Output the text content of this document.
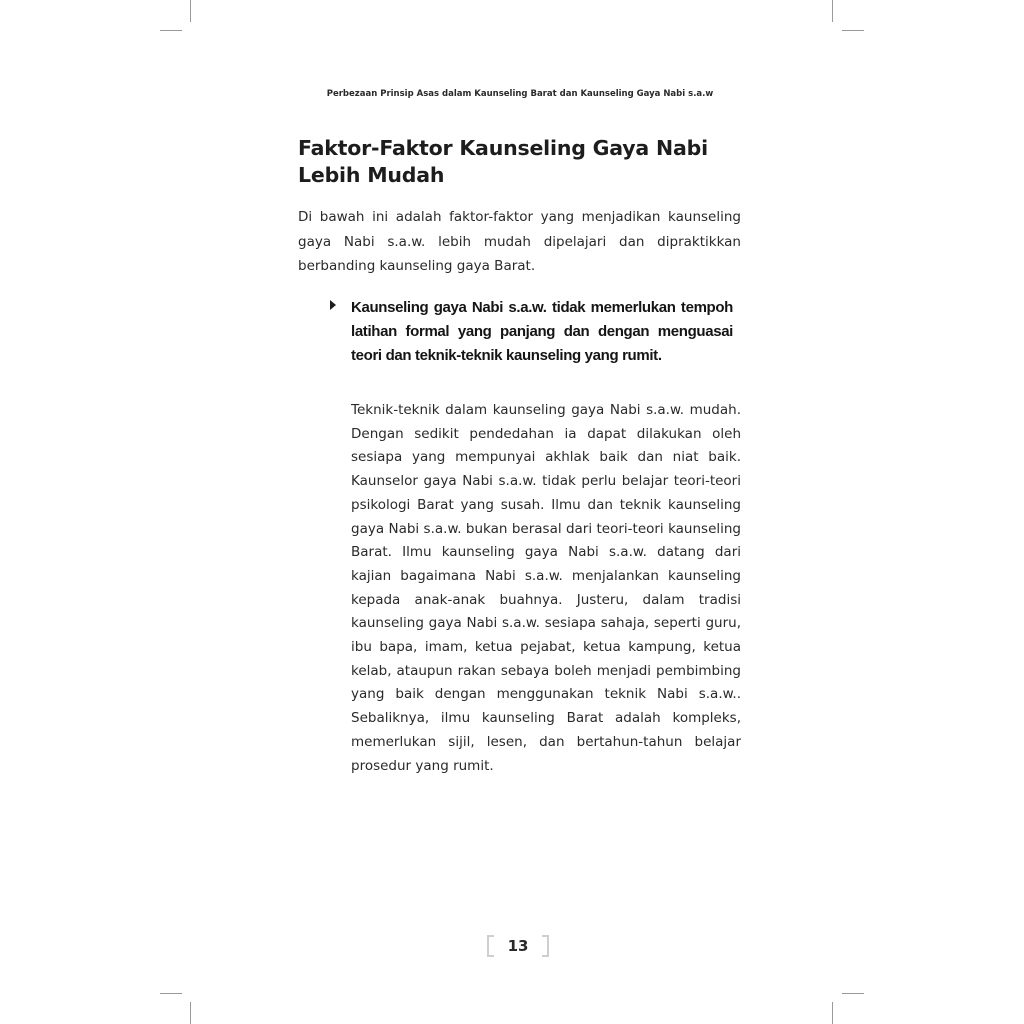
Perbezaan Prinsip Asas dalam Kaunseling Barat dan Kaunseling Gaya Nabi s.a.w
Faktor-Faktor Kaunseling Gaya Nabi Lebih Mudah

Di bawah ini adalah faktor-faktor yang menjadikan kaunseling gaya Nabi s.a.w. lebih mudah dipelajari dan dipraktikkan berbanding kaunseling gaya Barat.

Kaunseling gaya Nabi s.a.w. tidak memerlukan tempoh latihan formal yang panjang dan dengan menguasai teori dan teknik-teknik kaunseling yang rumit.

Teknik-teknik dalam kaunseling gaya Nabi s.a.w. mudah. Dengan sedikit pendedahan ia dapat dilakukan oleh sesiapa yang mempunyai akhlak baik dan niat baik. Kaunselor gaya Nabi s.a.w. tidak perlu belajar teori-teori psikologi Barat yang susah. Ilmu dan teknik kaunseling gaya Nabi s.a.w. bukan berasal dari teori-teori kaunseling Barat. Ilmu kaunseling gaya Nabi s.a.w. datang dari kajian bagaimana Nabi s.a.w. menjalankan kaunseling kepada anak-anak buahnya. Justeru, dalam tradisi kaunseling gaya Nabi s.a.w. sesiapa sahaja, seperti guru, ibu bapa, imam, ketua pejabat, ketua kampung, ketua kelab, ataupun rakan sebaya boleh menjadi pembimbing yang baik dengan menggunakan teknik Nabi s.a.w.. Sebaliknya, ilmu kaunseling Barat adalah kompleks, memerlukan sijil, lesen, dan bertahun-tahun belajar prosedur yang rumit.

13
